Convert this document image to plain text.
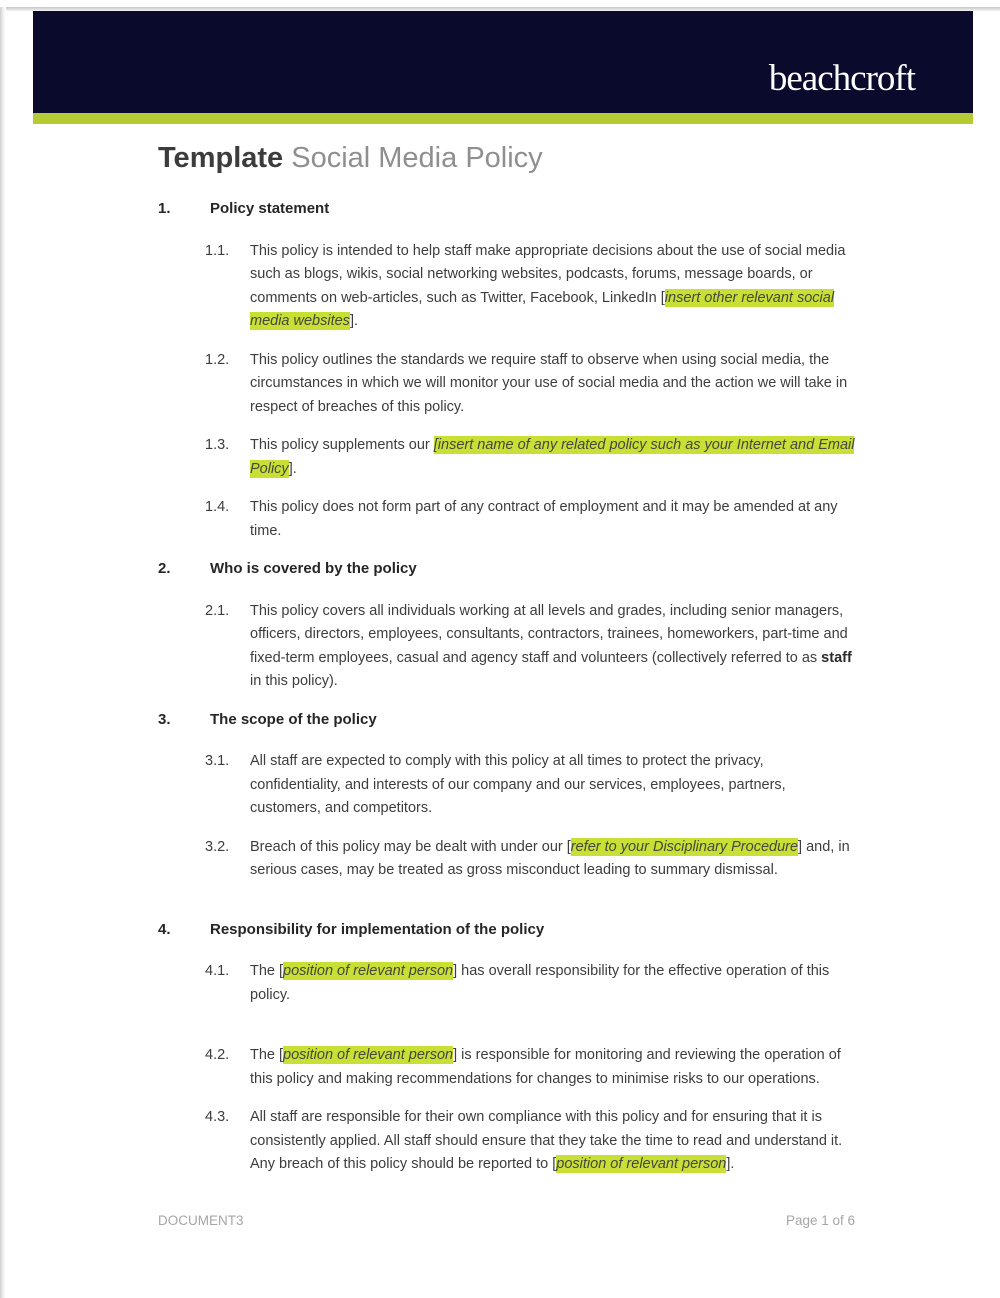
beachcroft
Template Social Media Policy
1.	Policy statement
1.1.	This policy is intended to help staff make appropriate decisions about the use of social media such as blogs, wikis, social networking websites, podcasts, forums, message boards, or comments on web-articles, such as Twitter, Facebook, LinkedIn [insert other relevant social media websites].
1.2.	This policy outlines the standards we require staff to observe when using social media, the circumstances in which we will monitor your use of social media and the action we will take in respect of breaches of this policy.
1.3.	This policy supplements our [insert name of any related policy such as your Internet and Email Policy].
1.4.	This policy does not form part of any contract of employment and it may be amended at any time.
2.	Who is covered by the policy
2.1.	This policy covers all individuals working at all levels and grades, including senior managers, officers, directors, employees, consultants, contractors, trainees, homeworkers, part-time and fixed-term employees, casual and agency staff and volunteers (collectively referred to as staff in this policy).
3.	The scope of the policy
3.1.	All staff are expected to comply with this policy at all times to protect the privacy, confidentiality, and interests of our company and our services, employees, partners, customers, and competitors.
3.2.	Breach of this policy may be dealt with under our [refer to your Disciplinary Procedure] and, in serious cases, may be treated as gross misconduct leading to summary dismissal.
4.	Responsibility for implementation of the policy
4.1.	The [position of relevant person] has overall responsibility for the effective operation of this policy.
4.2.	The [position of relevant person] is responsible for monitoring and reviewing the operation of this policy and making recommendations for changes to minimise risks to our operations.
4.3.	All staff are responsible for their own compliance with this policy and for ensuring that it is consistently applied. All staff should ensure that they take the time to read and understand it. Any breach of this policy should be reported to [position of relevant person].
DOCUMENT3	Page 1 of 6
